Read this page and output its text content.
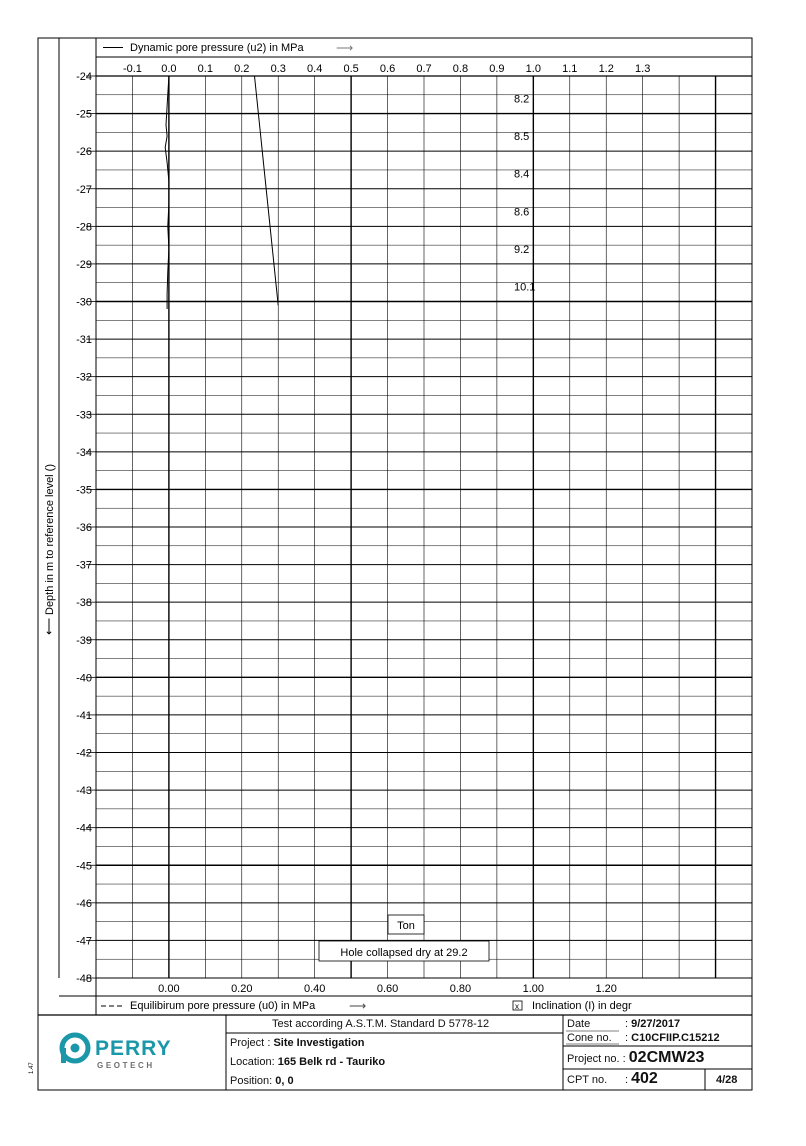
-24
-25
-26
-27
-28
-29
-30
-31
-32
-33
-34
-35
-36
-37
-38
-39
-40
-41
-42
-43
-44
-45
-46
-47
-48
-0.1 0.0 0.1 0.2 0.3 0.4 0.5 0.6 0.7 0.8 0.9 1.0 1.1 1.2 1.3
0.00	0.20	0.40	0.60	0.80	1.00	1.20
8.2
8.5
8.4
8.6
9.2
10.1
Dynamic pore pressure (u2) in MPa	⟶
Equilibirum pore pressure (u0) in MPa	⟶	x Inclination (I) in degr
⟵
Depth in m to reference level ()
Ton
Hole collapsed dry at 29.2
PERRY
GEOTECH
1.47
Test according A.S.T.M. Standard D 5778-12
Project : Site Investigation
Location: 165 Belk rd - Tauriko
Position: 0, 0
Date	: 9/27/2017
Cone no. : C10CFIIP.C15212
Project no. : 02CMW23
CPT no. : 402	4/28
